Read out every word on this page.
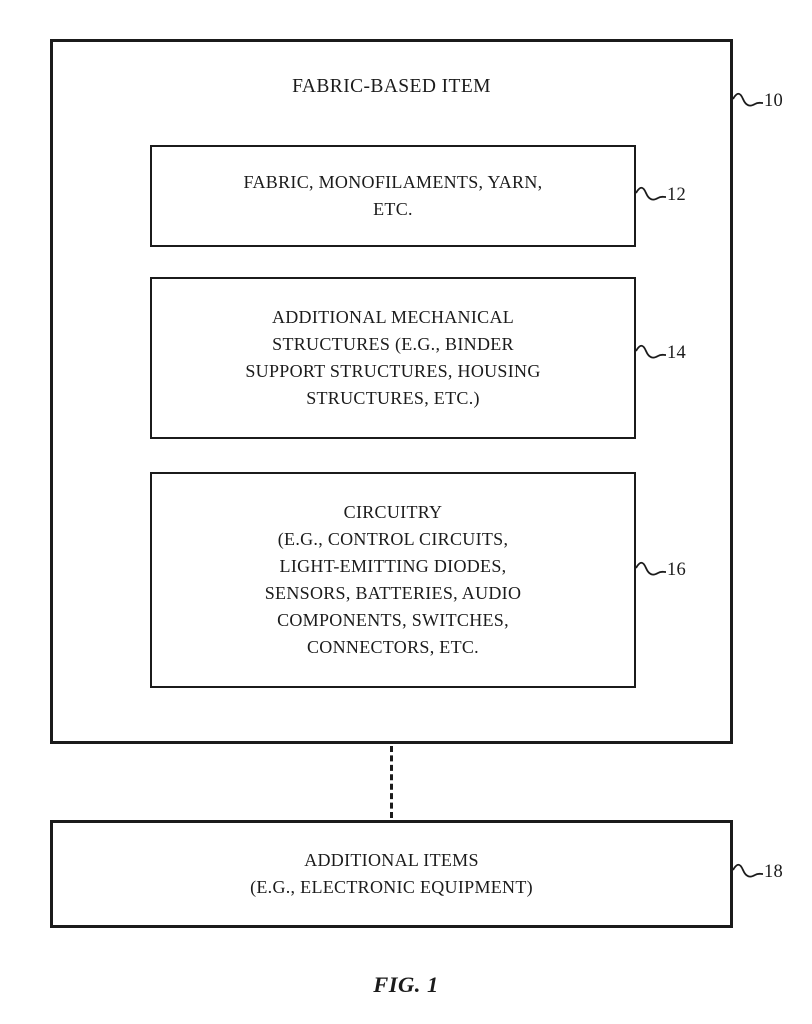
FABRIC-BASED ITEM
FABRIC, MONOFILAMENTS, YARN,
ETC.
ADDITIONAL MECHANICAL
STRUCTURES (E.G., BINDER
SUPPORT STRUCTURES, HOUSING
STRUCTURES, ETC.)
CIRCUITRY
(E.G., CONTROL CIRCUITS,
LIGHT-EMITTING DIODES,
SENSORS, BATTERIES, AUDIO
COMPONENTS, SWITCHES,
CONNECTORS, ETC.
ADDITIONAL ITEMS
(E.G., ELECTRONIC EQUIPMENT)
10
12
14
16
18
FIG. 1
